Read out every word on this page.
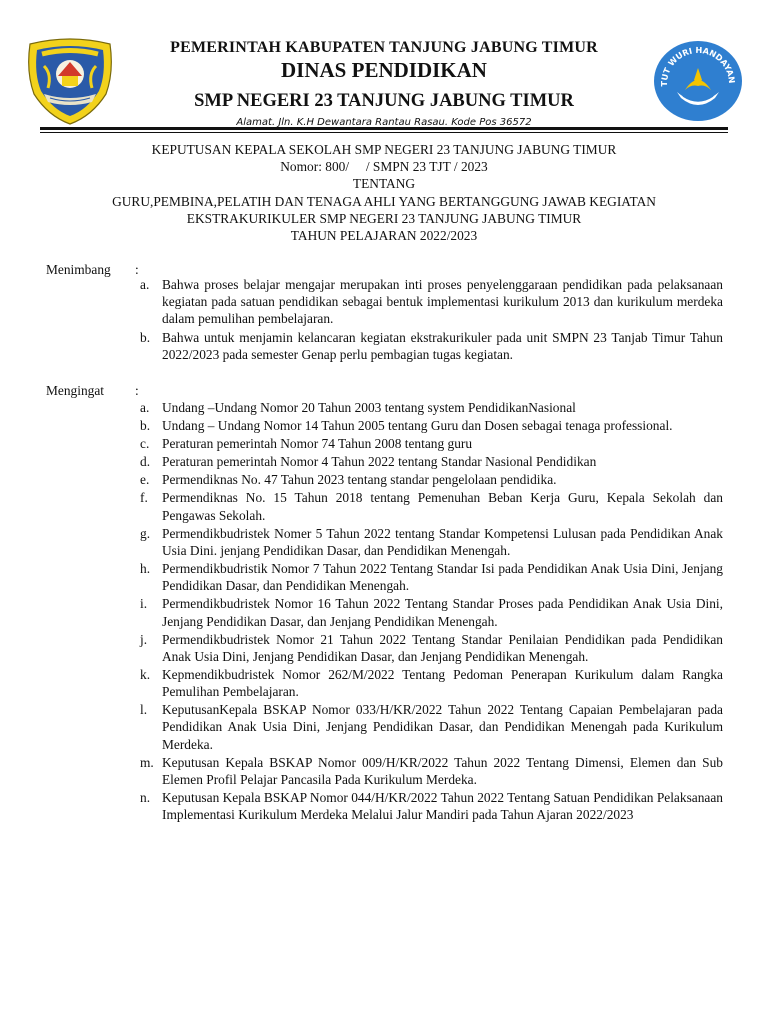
PEMERINTAH KABUPATEN TANJUNG JABUNG TIMUR
DINAS PENDIDIKAN
SMP NEGERI 23 TANJUNG JABUNG TIMUR
Alamat. Jln. K.H Dewantara Rantau Rasau. Kode Pos 36572
TUT WURI HANDAYAN
KEPUTUSAN KEPALA SEKOLAH SMP NEGERI 23 TANJUNG JABUNG TIMUR
Nomor: 800/     / SMPN 23 TJT / 2023
TENTANG
GURU,PEMBINA,PELATIH DAN TENAGA AHLI YANG BERTANGGUNG JAWAB KEGIATAN
EKSTRAKURIKULER SMP NEGERI 23 TANJUNG JABUNG TIMUR
TAHUN PELAJARAN 2022/2023
Menimbang :
a. Bahwa proses belajar mengajar merupakan inti proses penyelenggaraan pendidikan pada pelaksanaan kegiatan pada satuan pendidikan sebagai bentuk implementasi kurikulum 2013 dan kurikulum merdeka dalam pemulihan pembelajaran.
b. Bahwa untuk menjamin kelancaran kegiatan ekstrakurikuler pada unit SMPN 23 Tanjab Timur Tahun 2022/2023 pada semester Genap perlu pembagian tugas kegiatan.
Mengingat :
a. Undang –Undang Nomor 20 Tahun 2003 tentang system PendidikanNasional
b. Undang – Undang Nomor 14 Tahun 2005 tentang Guru dan Dosen sebagai tenaga professional.
c. Peraturan pemerintah Nomor 74 Tahun 2008 tentang guru
d. Peraturan pemerintah Nomor 4 Tahun 2022 tentang Standar Nasional Pendidikan
e. Permendiknas No. 47 Tahun 2023 tentang standar pengelolaan pendidika.
f. Permendiknas No. 15 Tahun 2018 tentang Pemenuhan Beban Kerja Guru, Kepala Sekolah dan Pengawas Sekolah.
g. Permendikbudristek Nomer 5 Tahun 2022 tentang Standar Kompetensi Lulusan pada Pendidikan Anak Usia Dini. jenjang Pendidikan Dasar, dan Pendidikan Menengah.
h. Permendikbudristik Nomor 7 Tahun 2022 Tentang Standar Isi pada Pendidikan Anak Usia Dini, Jenjang Pendidikan Dasar, dan Pendidikan Menengah.
i. Permendikbudristek Nomor 16 Tahun 2022 Tentang Standar Proses pada Pendidikan Anak Usia Dini, Jenjang Pendidikan Dasar, dan Jenjang Pendidikan Menengah.
j. Permendikbudristek Nomor 21 Tahun 2022 Tentang Standar Penilaian Pendidikan pada Pendidikan Anak Usia Dini, Jenjang Pendidikan Dasar, dan Jenjang Pendidikan Menengah.
k. Kepmendikbudristek Nomor 262/M/2022 Tentang Pedoman Penerapan Kurikulum dalam Rangka Pemulihan Pembelajaran.
l. KeputusanKepala BSKAP Nomor 033/H/KR/2022 Tahun 2022 Tentang Capaian Pembelajaran pada Pendidikan Anak Usia Dini, Jenjang Pendidikan Dasar, dan Pendidikan Menengah pada Kurikulum Merdeka.
m. Keputusan Kepala BSKAP Nomor 009/H/KR/2022 Tahun 2022 Tentang Dimensi, Elemen dan Sub Elemen Profil Pelajar Pancasila Pada Kurikulum Merdeka.
n. Keputusan Kepala BSKAP Nomor 044/H/KR/2022 Tahun 2022 Tentang Satuan Pendidikan Pelaksanaan Implementasi Kurikulum Merdeka Melalui Jalur Mandiri pada Tahun Ajaran 2022/2023
